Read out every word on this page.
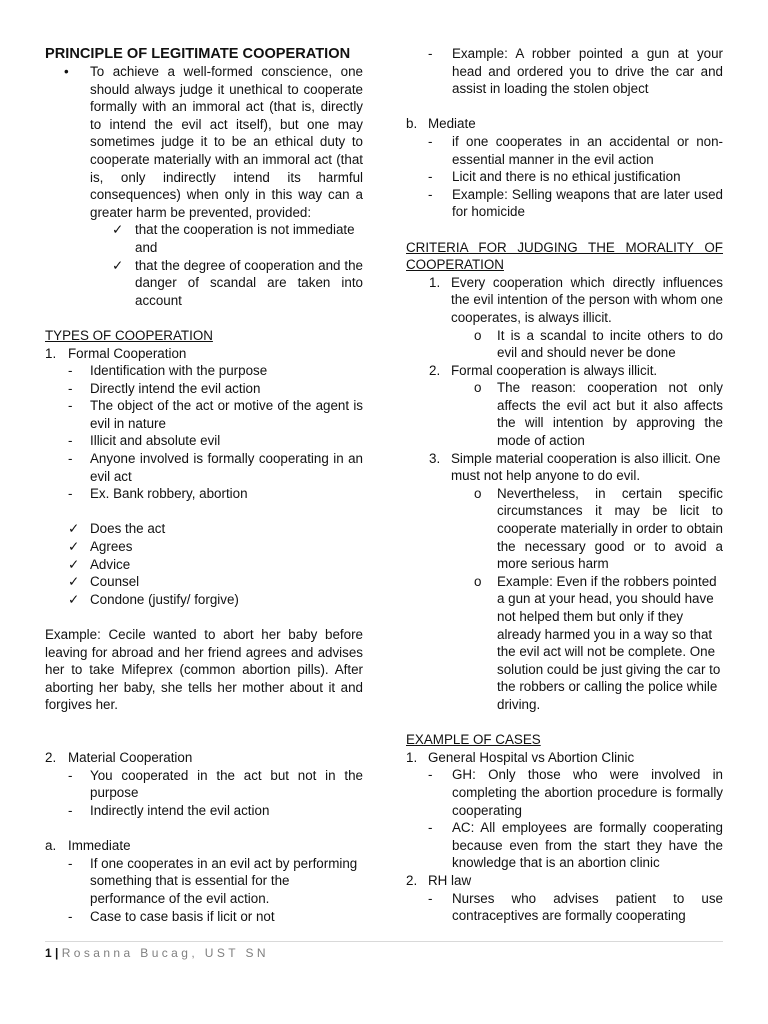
PRINCIPLE OF LEGITIMATE COOPERATION

•	To achieve a well-formed conscience, one should always judge it unethical to cooperate formally with an immoral act (that is, directly to intend the evil act itself), but one may sometimes judge it to be an ethical duty to cooperate materially with an immoral act (that is, only indirectly intend its harmful consequences) when only in this way can a greater harm be prevented, provided:
✓ that the cooperation is not immediate and
✓ that the degree of cooperation and the danger of scandal are taken into account
TYPES OF COOPERATION
1. Formal Cooperation
-	Identification with the purpose
-	Directly intend the evil action
-	The object of the act or motive of the agent is evil in nature
-	Illicit and absolute evil
-	Anyone involved is formally cooperating in an evil act
-	Ex. Bank robbery, abortion
✓ Does the act
✓ Agrees
✓ Advice
✓ Counsel
✓ Condone (justify/ forgive)
Example: Cecile wanted to abort her baby before leaving for abroad and her friend agrees and advises her to take Mifeprex (common abortion pills). After aborting her baby, she tells her mother about it and forgives her.
2. Material Cooperation
-	You cooperated in the act but not in the purpose
-	Indirectly intend the evil action
a. Immediate
-	If one cooperates in an evil act by performing something that is essential for the performance of the evil action.
-	Case to case basis if licit or not
-	Example: A robber pointed a gun at your head and ordered you to drive the car and assist in loading the stolen object
b. Mediate
-	if one cooperates in an accidental or non-essential manner in the evil action
-	Licit and there is no ethical justification
-	Example: Selling weapons that are later used for homicide
CRITERIA FOR JUDGING THE MORALITY OF COOPERATION
1. Every cooperation which directly influences the evil intention of the person with whom one cooperates, is always illicit.
o	It is a scandal to incite others to do evil and should never be done
2. Formal cooperation is always illicit.
o	The reason: cooperation not only affects the evil act but it also affects the will intention by approving the mode of action
3. Simple material cooperation is also illicit. One must not help anyone to do evil.
o	Nevertheless, in certain specific circumstances it may be licit to cooperate materially in order to obtain the necessary good or to avoid a more serious harm
o	Example: Even if the robbers pointed a gun at your head, you should have not helped them but only if they already harmed you in a way so that the evil act will not be complete. One solution could be just giving the car to the robbers or calling the police while driving.
EXAMPLE OF CASES
1. General Hospital vs Abortion Clinic
-	GH: Only those who were involved in completing the abortion procedure is formally cooperating
-	AC: All employees are formally cooperating because even from the start they have the knowledge that is an abortion clinic
2. RH law
-	Nurses who advises patient to use contraceptives are formally cooperating
1 | Rosanna Bucag, UST SN
